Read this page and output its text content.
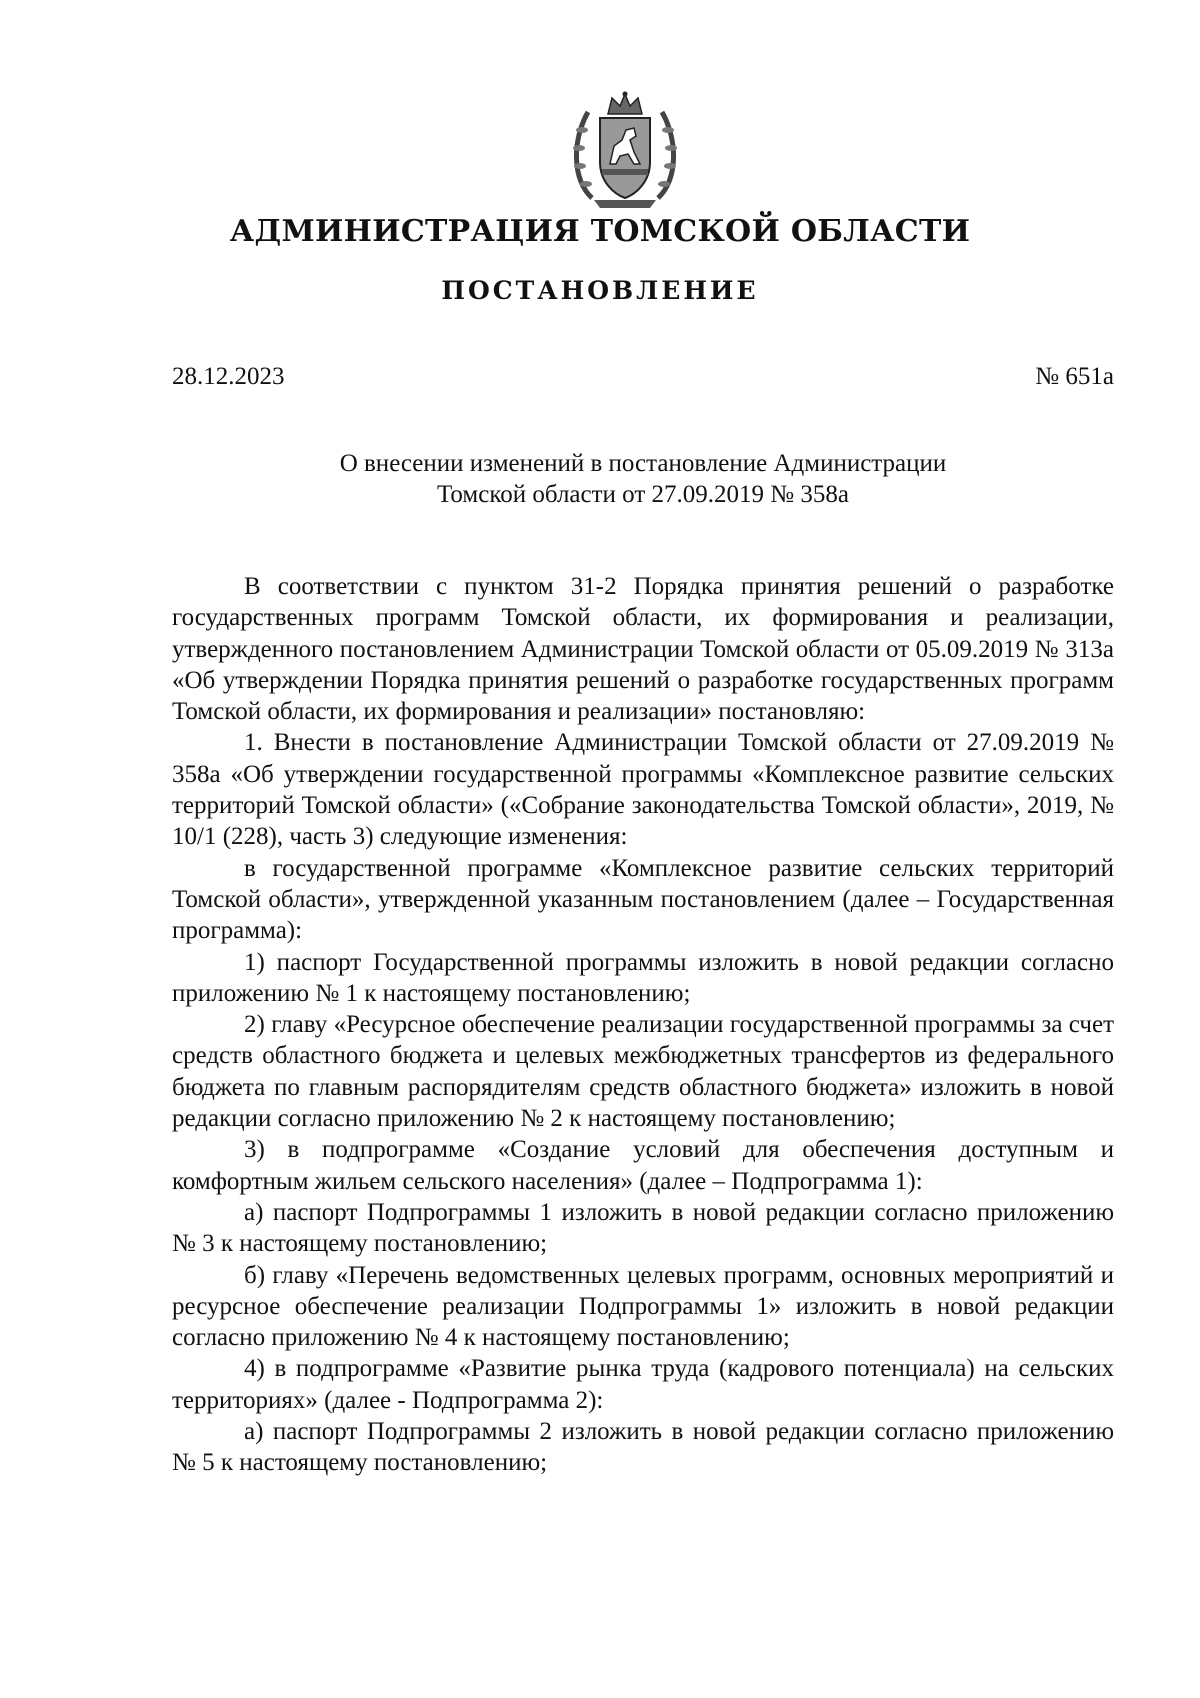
АДМИНИСТРАЦИЯ ТОМСКОЙ ОБЛАСТИ
ПОСТАНОВЛЕНИЕ
28.12.2023	№ 651а
О внесении изменений в постановление Администрации
Томской области от 27.09.2019 № 358а

В соответствии с пунктом 31-2 Порядка принятия решений о разработке государственных программ Томской области, их формирования и реализации, утвержденного постановлением Администрации Томской области от 05.09.2019 № 313а «Об утверждении Порядка принятия решений о разработке государственных программ Томской области, их формирования и реализации» постановляю:

1. Внести в постановление Администрации Томской области от 27.09.2019 № 358а «Об утверждении государственной программы «Комплексное развитие сельских территорий Томской области» («Собрание законодательства Томской области», 2019, № 10/1 (228), часть 3) следующие изменения:

в государственной программе «Комплексное развитие сельских территорий Томской области», утвержденной указанным постановлением (далее – Государственная программа):

1) паспорт Государственной программы изложить в новой редакции согласно приложению № 1 к настоящему постановлению;

2) главу «Ресурсное обеспечение реализации государственной программы за счет средств областного бюджета и целевых межбюджетных трансфертов из федерального бюджета по главным распорядителям средств областного бюджета» изложить в новой редакции согласно приложению № 2 к настоящему постановлению;

3) в подпрограмме «Создание условий для обеспечения доступным и комфортным жильем сельского населения» (далее – Подпрограмма 1):

а) паспорт Подпрограммы 1 изложить в новой редакции согласно приложению № 3 к настоящему постановлению;

б) главу «Перечень ведомственных целевых программ, основных мероприятий и ресурсное обеспечение реализации Подпрограммы 1» изложить в новой редакции согласно приложению № 4 к настоящему постановлению;

4) в подпрограмме «Развитие рынка труда (кадрового потенциала) на сельских территориях» (далее - Подпрограмма 2):

а) паспорт Подпрограммы 2 изложить в новой редакции согласно приложению № 5 к настоящему постановлению;
